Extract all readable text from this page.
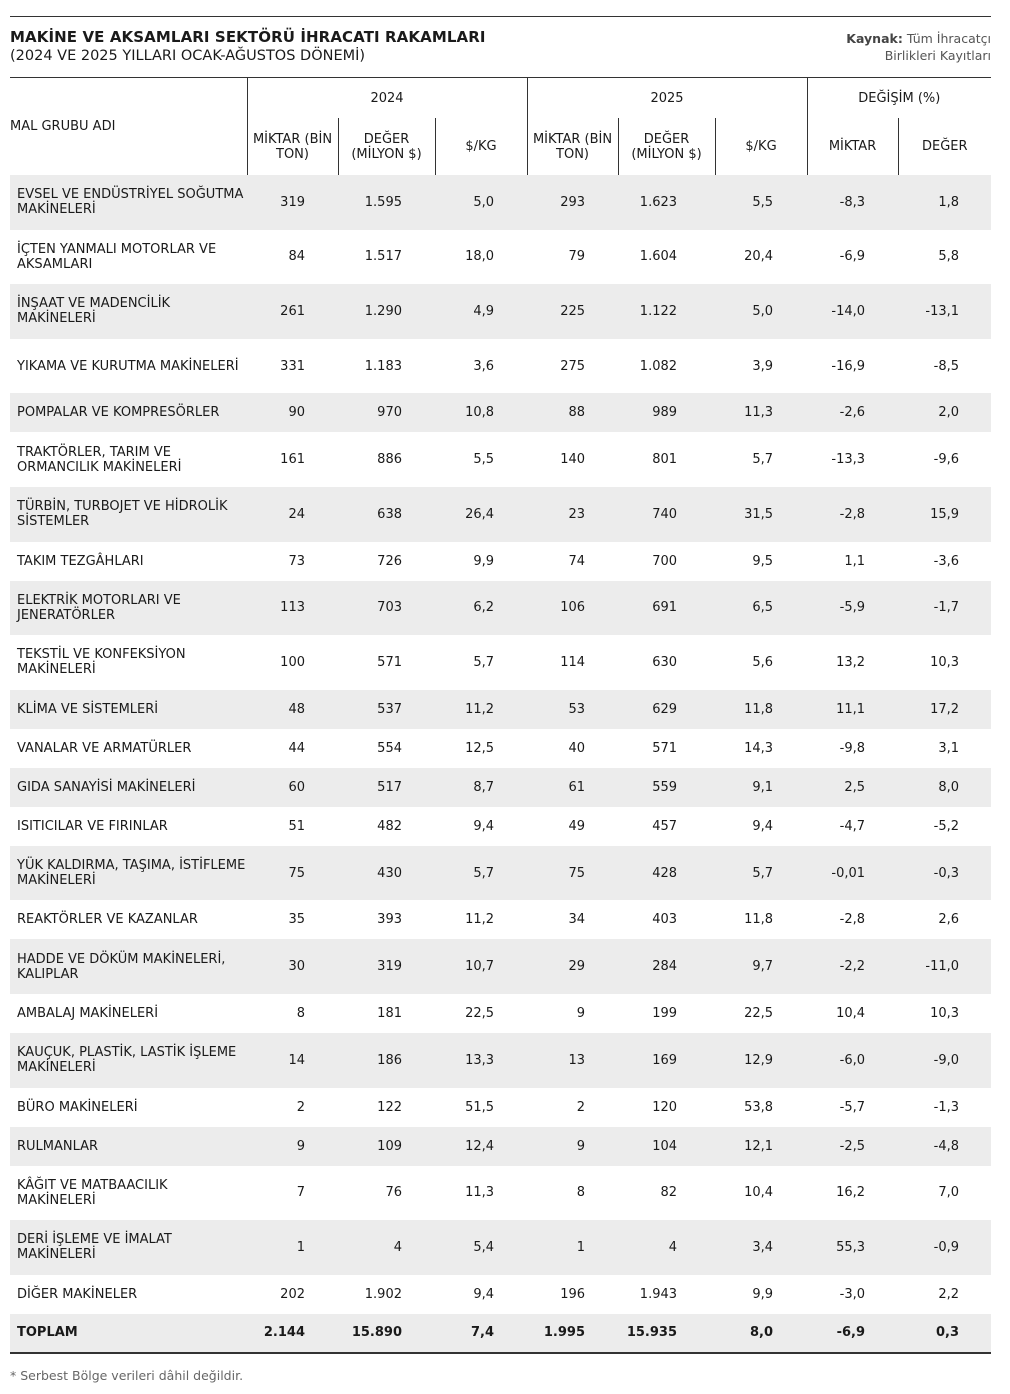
MAKİNE VE AKSAMLARI SEKTÖRÜ İHRACATI RAKAMLARI
(2024 VE 2025 YILLARI OCAK-AĞUSTOS DÖNEMİ)
Kaynak: Tüm İhracatçı
Birlikleri Kayıtları
MAL GRUBU ADI	2024			2025			DEĞİŞİM (%)	
	MİKTAR (BİN TON)	DEĞER (MİLYON $)	$/KG	MİKTAR (BİN TON)	DEĞER (MİLYON $)	$/KG	MİKTAR	DEĞER
EVSEL VE ENDÜSTRİYEL SOĞUTMA MAKİNELERİ	319	1.595	5,0	293	1.623	5,5	-8,3	1,8
İÇTEN YANMALI MOTORLAR VE AKSAMLARI	84	1.517	18,0	79	1.604	20,4	-6,9	5,8
İNŞAAT VE MADENCİLİK MAKİNELERİ	261	1.290	4,9	225	1.122	5,0	-14,0	-13,1
YIKAMA VE KURUTMA MAKİNELERİ	331	1.183	3,6	275	1.082	3,9	-16,9	-8,5
POMPALAR VE KOMPRESÖRLER	90	970	10,8	88	989	11,3	-2,6	2,0
TRAKTÖRLER, TARIM VE ORMANCILIK MAKİNELERİ	161	886	5,5	140	801	5,7	-13,3	-9,6
TÜRBİN, TURBOJET VE HİDROLİK SİSTEMLER	24	638	26,4	23	740	31,5	-2,8	15,9
TAKIM TEZGÂHLARI	73	726	9,9	74	700	9,5	1,1	-3,6
ELEKTRİK MOTORLARI VE JENERATÖRLER	113	703	6,2	106	691	6,5	-5,9	-1,7
TEKSTİL VE KONFEKSİYON MAKİNELERİ	100	571	5,7	114	630	5,6	13,2	10,3
KLİMA VE SİSTEMLERİ	48	537	11,2	53	629	11,8	11,1	17,2
VANALAR VE ARMATÜRLER	44	554	12,5	40	571	14,3	-9,8	3,1
GIDA SANAYİSİ MAKİNELERİ	60	517	8,7	61	559	9,1	2,5	8,0
ISITICILAR VE FIRINLAR	51	482	9,4	49	457	9,4	-4,7	-5,2
YÜK KALDIRMA, TAŞIMA, İSTİFLEME MAKİNELERİ	75	430	5,7	75	428	5,7	-0,01	-0,3
REAKTÖRLER VE KAZANLAR	35	393	11,2	34	403	11,8	-2,8	2,6
HADDE VE DÖKÜM MAKİNELERİ, KALIPLAR	30	319	10,7	29	284	9,7	-2,2	-11,0
AMBALAJ MAKİNELERİ	8	181	22,5	9	199	22,5	10,4	10,3
KAUÇUK, PLASTİK, LASTİK İŞLEME MAKİNELERİ	14	186	13,3	13	169	12,9	-6,0	-9,0
BÜRO MAKİNELERİ	2	122	51,5	2	120	53,8	-5,7	-1,3
RULMANLAR	9	109	12,4	9	104	12,1	-2,5	-4,8
KÂĞIT VE MATBAACILIK MAKİNELERİ	7	76	11,3	8	82	10,4	16,2	7,0
DERİ İŞLEME VE İMALAT MAKİNELERİ	1	4	5,4	1	4	3,4	55,3	-0,9
DİĞER MAKİNELER	202	1.902	9,4	196	1.943	9,9	-3,0	2,2
TOPLAM	2.144	15.890	7,4	1.995	15.935	8,0	-6,9	0,3
* Serbest Bölge verileri dâhil değildir.
